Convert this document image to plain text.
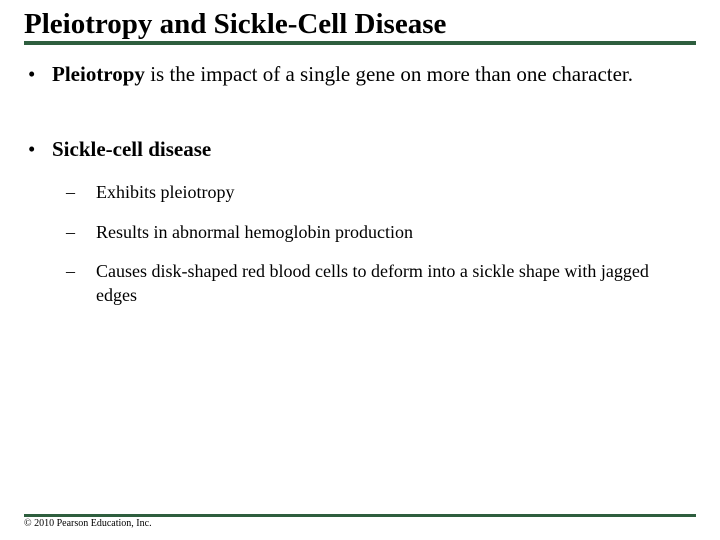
Pleiotropy and Sickle-Cell Disease
• Pleiotropy is the impact of a single gene on more than one character.
• Sickle-cell disease
– Exhibits pleiotropy
– Results in abnormal hemoglobin production
– Causes disk-shaped red blood cells to deform into a sickle shape with jagged edges
© 2010 Pearson Education, Inc.
